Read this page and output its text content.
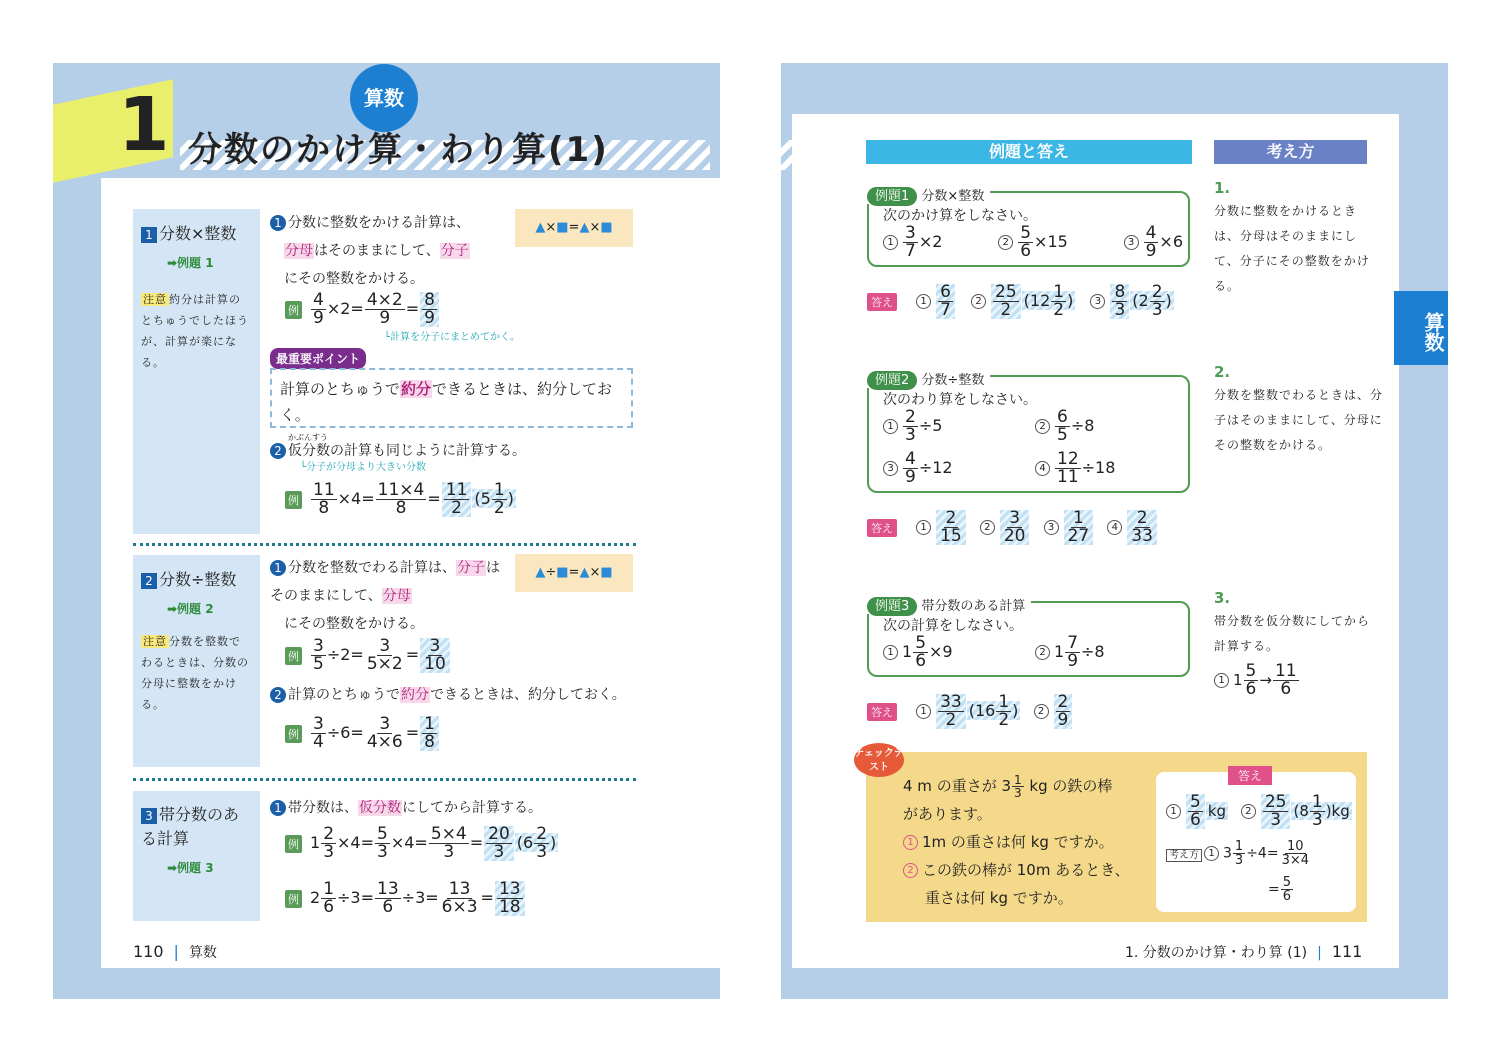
1	算数
分数のかけ算・わり算(1)
1 分数×整数
➡例題 1
注意 約分は計算のとちゅうでしたほうが、計算が楽になる。
▲×■=▲×■
1 分数に整数をかける計算は、
分母はそのままにして、分子
にその整数をかける。
例 $\frac{4}{9} \times 2= \frac{4\times 2}{9} = \frac{8}{9}$
└計算を分子にまとめてかく。
最重要ポイント
計算のとちゅうで約分できるときは、約分しておく。
かぶんすう
2 仮分数の計算も同じように計算する。
└分子が分母より大きい分数
例 $\frac{11}{8} \times 4= \frac{11\times 4}{8} = \frac{11}{2} (5 \frac{1}{2}$ )
2 分数÷整数
➡例題 2
注意 分数を整数でわるときは、分数の分母に整数をかける。
▲÷■=▲×■
1 分数を整数でわる計算は、分子はそのままにして、分母
にその整数をかける。
例 $\frac{3}{5} \div 2= \frac{3}{5\times 2} = \frac{3}{10}$
2 計算のとちゅうで約分できるときは、約分しておく。
例 $\frac{3}{4} \div 6= \frac{3}{4\times 6} = \frac{1}{8}$
3 帯分数のある計算
➡例題 3
1 帯分数は、仮分数にしてから計算する。
例 $1 \frac{2}{3} \times 4= \frac{5}{3} \times 4= \frac{5\times 4}{3} = \frac{20}{3} (6 \frac{2}{3}$ )
例 $2 \frac{1}{6} \div 3= \frac{13}{6} \div 3= \frac{13}{6\times 3} = \frac{13}{18}$
110 | 算数
算数
例題と答え	考え方
例題1 分数×整数
次のかけ算をしなさい。
$1 \frac{3}{7} \times 2$	$2 \frac{5}{6} \times 15$	$3 \frac{4}{9} \times 6$
答え	$1 \frac{6}{7} 2 \frac{25}{2} (12 \frac{1}{2}$ ) $3 \frac{8}{3} (2 \frac{2}{3}$ )
例題2 分数÷整数
次のわり算をしなさい。
$1 \frac{2}{3} \div 5$	$2 \frac{6}{5} \div 8$
$3 \frac{4}{9} \div 12$	$4 \frac{12}{11} \div 18$
答え	$1 \frac{2}{15} 2 \frac{3}{20} 3 \frac{1}{27} 4 \frac{2}{33}$
例題3 帯分数のある計算
次の計算をしなさい。
1 $1 \frac{5}{6} \times 9$	2 $1 \frac{7}{9} \div 8$
答え	$1 \frac{33}{2} (16 \frac{1}{2}$ ) $2 \frac{2}{9}$
1.
分数に整数をかけるときは、分母はそのままにして、分子にその整数をかける。
2.
分数を整数でわるときは、分子はそのままにして、分母にその整数をかける。
3.
帯分数を仮分数にしてから計算する。
1 $1 \frac{5}{6} \to \frac{11}{6}$
チェックテスト
4 m の重さが $3 \frac{1}{3}$ kg の鉄の棒
があります。
1 1m の重さは何 kg ですか。
2 この鉄の棒が 10m あるとき、
重さは何 kg ですか。
答え
$1 \frac{5}{6}$ kg $2 \frac{25}{3} (8 \frac{1}{3} )kg$
考え方 1 $3 \frac{1}{3} \div 4= \frac{10}{3\times 4}$
= $\frac{5}{6}$
1. 分数のかけ算・わり算 (1) | 111
